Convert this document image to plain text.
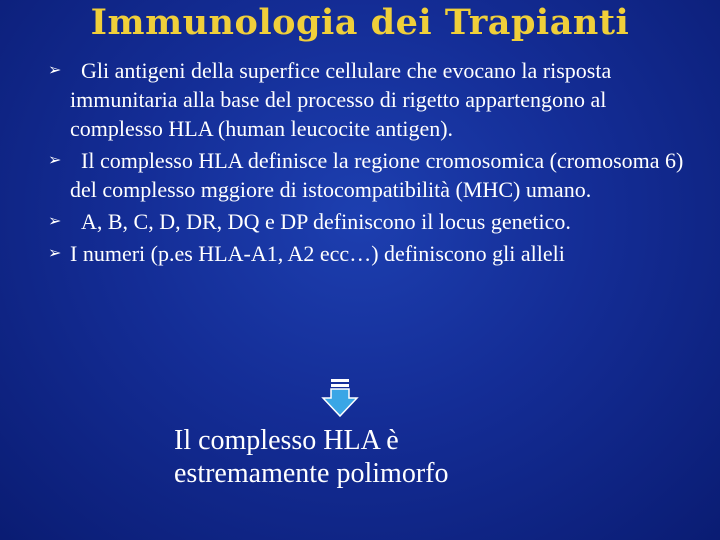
Immunologia dei Trapianti
➢ Gli antigeni della superfice cellulare che evocano la risposta immunitaria alla base del processo di rigetto appartengono al complesso HLA (human leucocite antigen).
➢ Il complesso HLA definisce la regione cromosomica (cromosoma 6)  del complesso mggiore di istocompatibilità (MHC) umano.
➢ A, B, C, D, DR, DQ e DP definiscono il locus genetico.
➢ I numeri (p.es HLA-A1, A2 ecc…) definiscono gli alleli
Il complesso HLA è
estremamente polimorfo
